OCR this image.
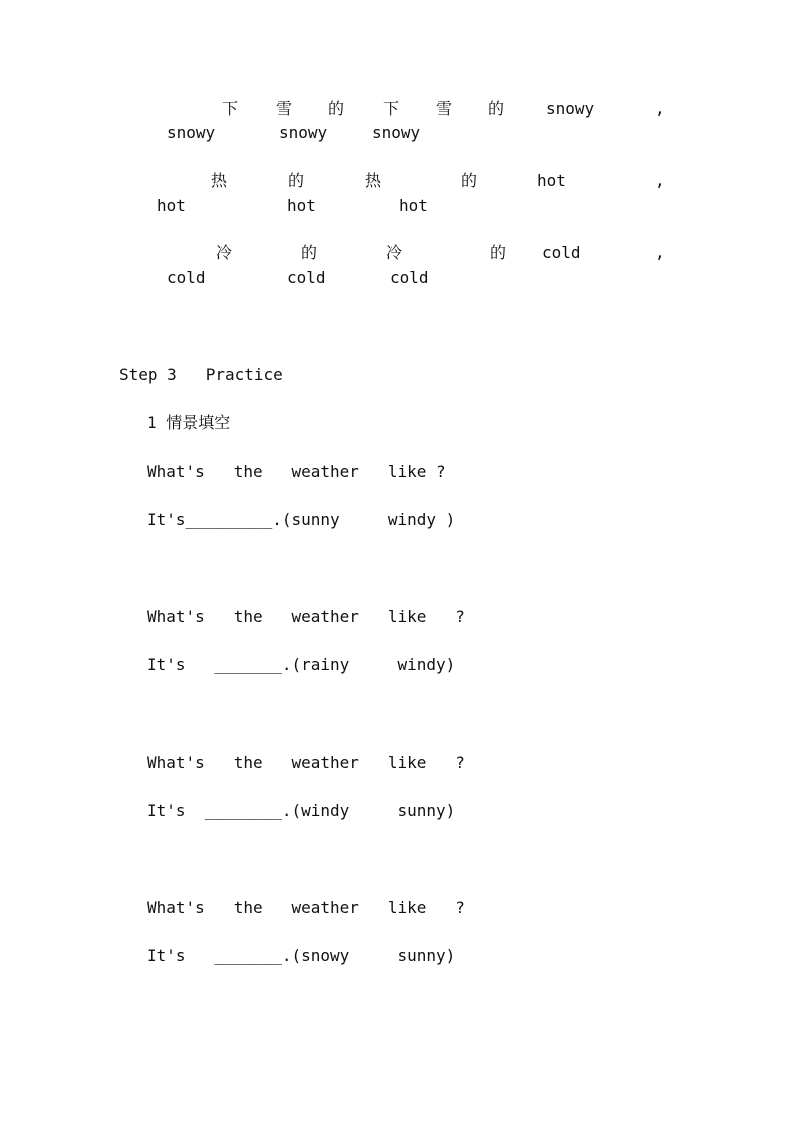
下 雪 的 下 雪 的	snowy	,
snowy	snowy	snowy
热	的	热	的	hot	,
hot	hot	hot
冷	的	冷	的 cold	,
cold	cold	cold
Step 3   Practice
1 情景填空
What's   the   weather   like ?
It's_________.(sunny     windy )
What's   the   weather   like   ?
It's   _______.(rainy     windy)
What's   the   weather   like   ?
It's  ________.(windy     sunny)
What's   the   weather   like   ?
It's   _______.(snowy     sunny)
